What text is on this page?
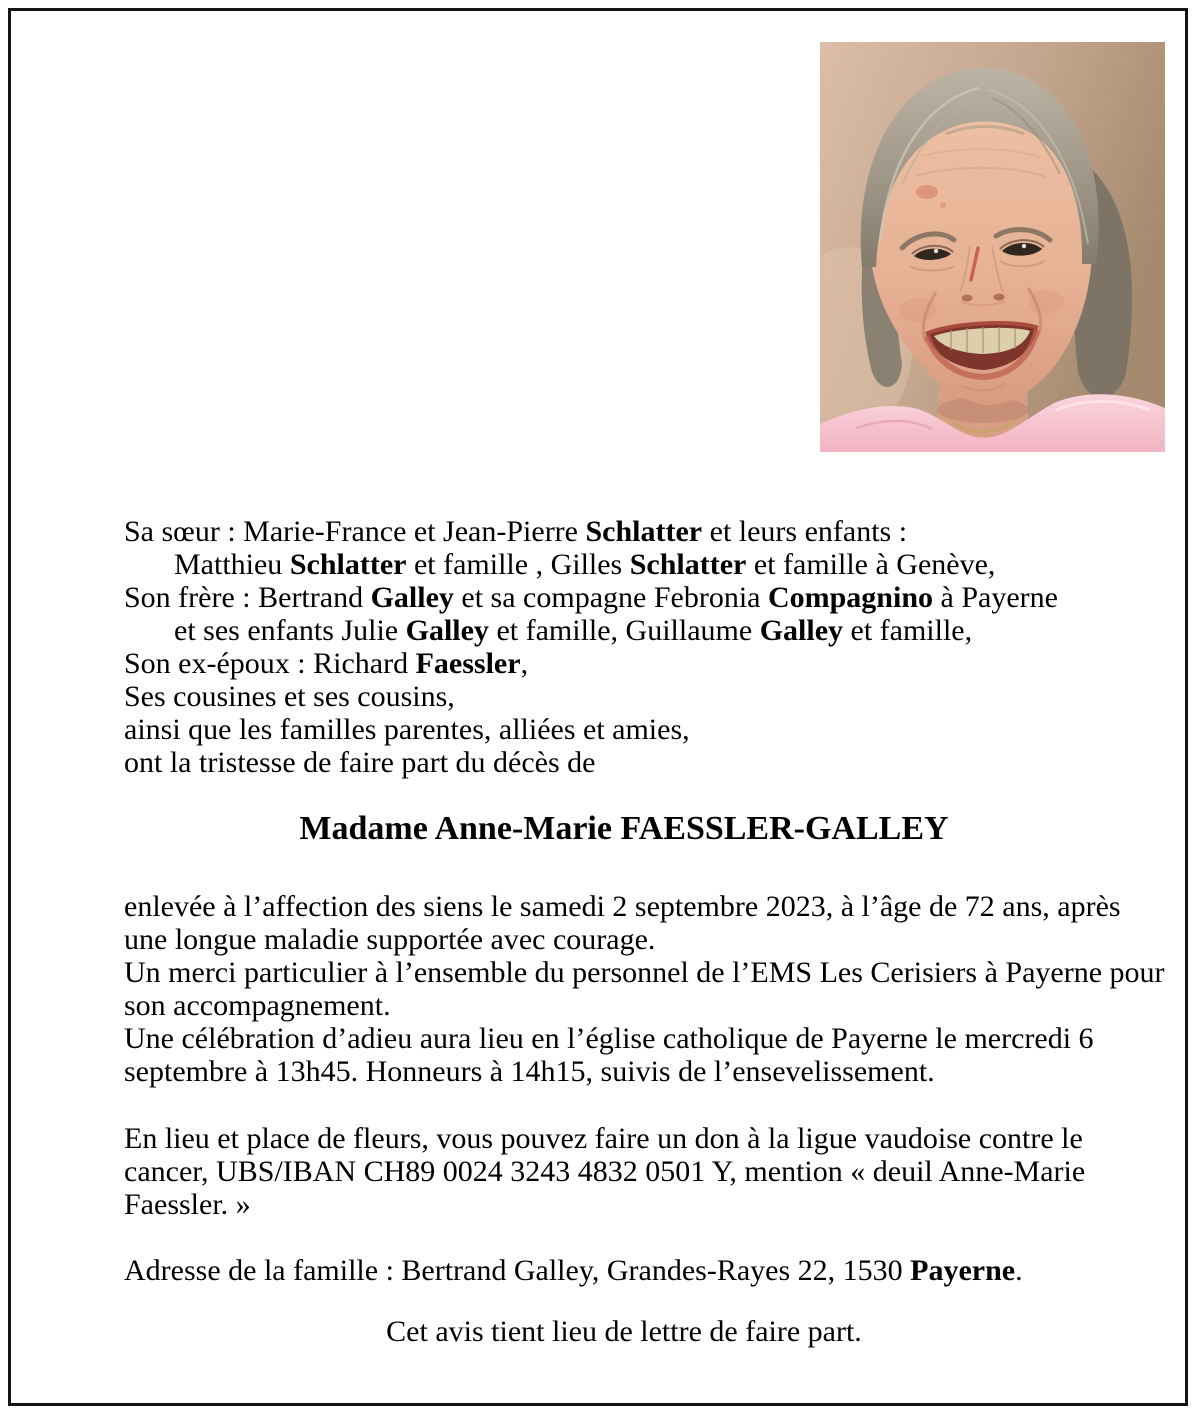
Sa sœur : Marie-France et Jean-Pierre Schlatter et leurs enfants :
Matthieu Schlatter et famille , Gilles Schlatter et famille à Genève,
Son frère : Bertrand Galley et sa compagne Febronia Compagnino à Payerne
et ses enfants Julie Galley et famille, Guillaume Galley et famille,
Son ex-époux : Richard Faessler,
Ses cousines et ses cousins,
ainsi que les familles parentes, alliées et amies,
ont la tristesse de faire part du décès de
Madame Anne-Marie FAESSLER-GALLEY
enlevée à l’affection des siens le samedi 2 septembre 2023, à l’âge de 72 ans, après
une longue maladie supportée avec courage.
Un merci particulier à l’ensemble du personnel de l’EMS Les Cerisiers à Payerne pour
son accompagnement.
Une célébration d’adieu aura lieu en l’église catholique de Payerne le mercredi 6
septembre à 13h45. Honneurs à 14h15, suivis de l’ensevelissement.
En lieu et place de fleurs, vous pouvez faire un don à la ligue vaudoise contre le
cancer, UBS/IBAN CH89 0024 3243 4832 0501 Y, mention « deuil Anne-Marie
Faessler. »
Adresse de la famille : Bertrand Galley, Grandes-Rayes 22, 1530 Payerne.
Cet avis tient lieu de lettre de faire part.
